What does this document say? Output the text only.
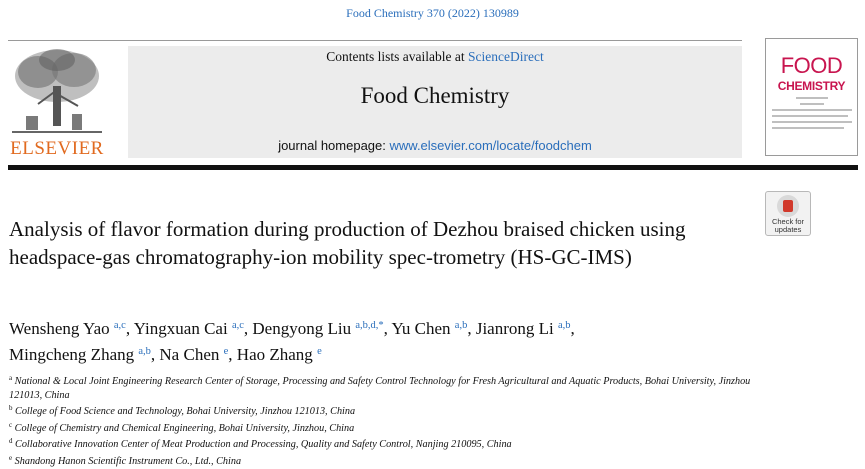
Food Chemistry 370 (2022) 130989
ELSEVIER
Contents lists available at ScienceDirect
Food Chemistry
journal homepage: www.elsevier.com/locate/foodchem
FOOD
CHEMISTRY
Check for
updates
Analysis of flavor formation during production of Dezhou braised chicken using headspace-gas chromatography-ion mobility spec-trometry (HS-GC-IMS)
Wensheng Yao $^{a,c}$, Yingxuan Cai $^{a,c}$, Dengyong Liu $^{a,b,d,*}$, Yu Chen $^{a,b}$, Jianrong Li $^{a,b}$,
Mingcheng Zhang $^{a,b}$, Na Chen $^e$, Hao Zhang $^e$

$^a$ National & Local Joint Engineering Research Center of Storage, Processing and Safety Control Technology for Fresh Agricultural and Aquatic Products, Bohai University, Jinzhou 121013, China

$^b$ College of Food Science and Technology, Bohai University, Jinzhou 121013, China

$^c$ College of Chemistry and Chemical Engineering, Bohai University, Jinzhou, China

$^d$ Collaborative Innovation Center of Meat Production and Processing, Quality and Safety Control, Nanjing 210095, China

$^e$ Shandong Hanon Scientific Instrument Co., Ltd., China
